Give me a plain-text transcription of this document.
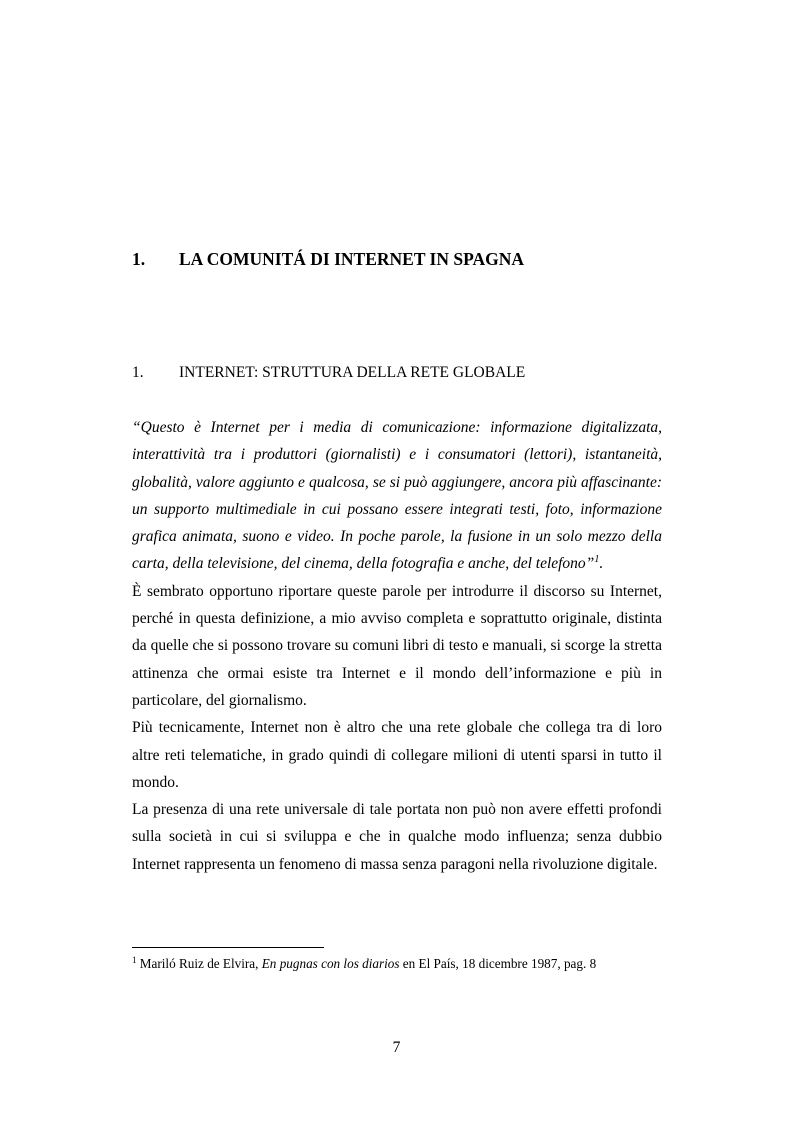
1. LA COMUNITÁ DI INTERNET IN SPAGNA
1. INTERNET: STRUTTURA DELLA RETE GLOBALE

“Questo è Internet per i media di comunicazione: informazione digitalizzata, interattività tra i produttori (giornalisti) e i consumatori (lettori), istantaneità, globalità, valore aggiunto e qualcosa, se si può aggiungere, ancora più affascinante: un supporto multimediale in cui possano essere integrati testi, foto, informazione grafica animata, suono e video. In poche parole, la fusione in un solo mezzo della carta, della televisione, del cinema, della fotografia e anche, del telefono”$^1$.

È sembrato opportuno riportare queste parole per introdurre il discorso su Internet, perché in questa definizione, a mio avviso completa e soprattutto originale, distinta da quelle che si possono trovare su comuni libri di testo e manuali, si scorge la stretta attinenza che ormai esiste tra Internet e il mondo dell’informazione e più in particolare, del giornalismo.

Più tecnicamente, Internet non è altro che una rete globale che collega tra di loro altre reti telematiche, in grado quindi di collegare milioni di utenti sparsi in tutto il mondo.

La presenza di una rete universale di tale portata non può non avere effetti profondi sulla società in cui si sviluppa e che in qualche modo influenza; senza dubbio Internet rappresenta un fenomeno di massa senza paragoni nella rivoluzione digitale.

$^1$ Mariló Ruiz de Elvira, En pugnas con los diarios en El País, 18 dicembre 1987, pag. 8
7
